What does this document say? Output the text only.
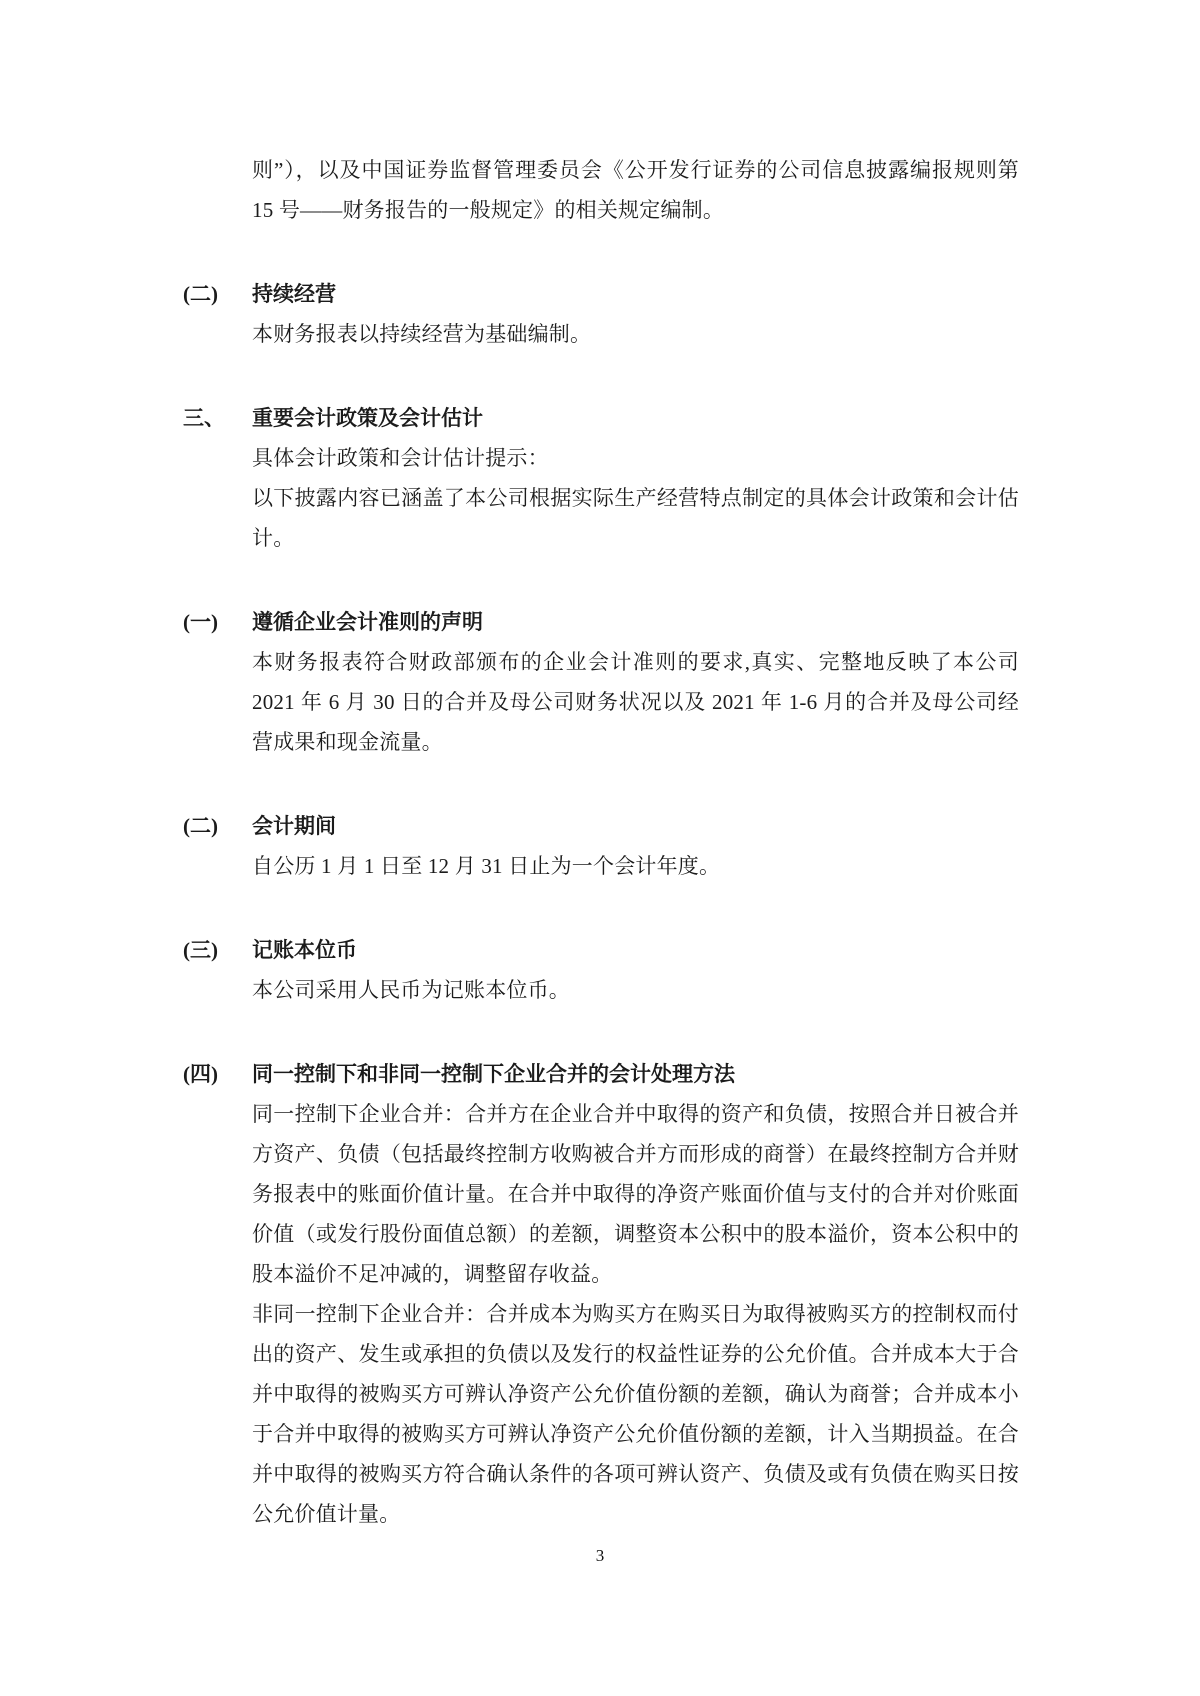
则”），以及中国证券监督管理委员会《公开发行证券的公司信息披露编报规则第 15 号——财务报告的一般规定》的相关规定编制。

(二)	持续经营

本财务报表以持续经营为基础编制。

三、	重要会计政策及会计估计

具体会计政策和会计估计提示：

以下披露内容已涵盖了本公司根据实际生产经营特点制定的具体会计政策和会计估计。

(一)	遵循企业会计准则的声明

本财务报表符合财政部颁布的企业会计准则的要求,真实、完整地反映了本公司 2021 年 6 月 30 日的合并及母公司财务状况以及 2021 年 1-6 月的合并及母公司经营成果和现金流量。

(二)	会计期间

自公历 1 月 1 日至 12 月 31 日止为一个会计年度。

(三)	记账本位币

本公司采用人民币为记账本位币。

(四)	同一控制下和非同一控制下企业合并的会计处理方法

同一控制下企业合并：合并方在企业合并中取得的资产和负债，按照合并日被合并方资产、负债（包括最终控制方收购被合并方而形成的商誉）在最终控制方合并财务报表中的账面价值计量。在合并中取得的净资产账面价值与支付的合并对价账面价值（或发行股份面值总额）的差额，调整资本公积中的股本溢价，资本公积中的股本溢价不足冲减的，调整留存收益。

非同一控制下企业合并：合并成本为购买方在购买日为取得被购买方的控制权而付出的资产、发生或承担的负债以及发行的权益性证券的公允价值。合并成本大于合并中取得的被购买方可辨认净资产公允价值份额的差额，确认为商誉；合并成本小于合并中取得的被购买方可辨认净资产公允价值份额的差额，计入当期损益。在合并中取得的被购买方符合确认条件的各项可辨认资产、负债及或有负债在购买日按公允价值计量。

3
